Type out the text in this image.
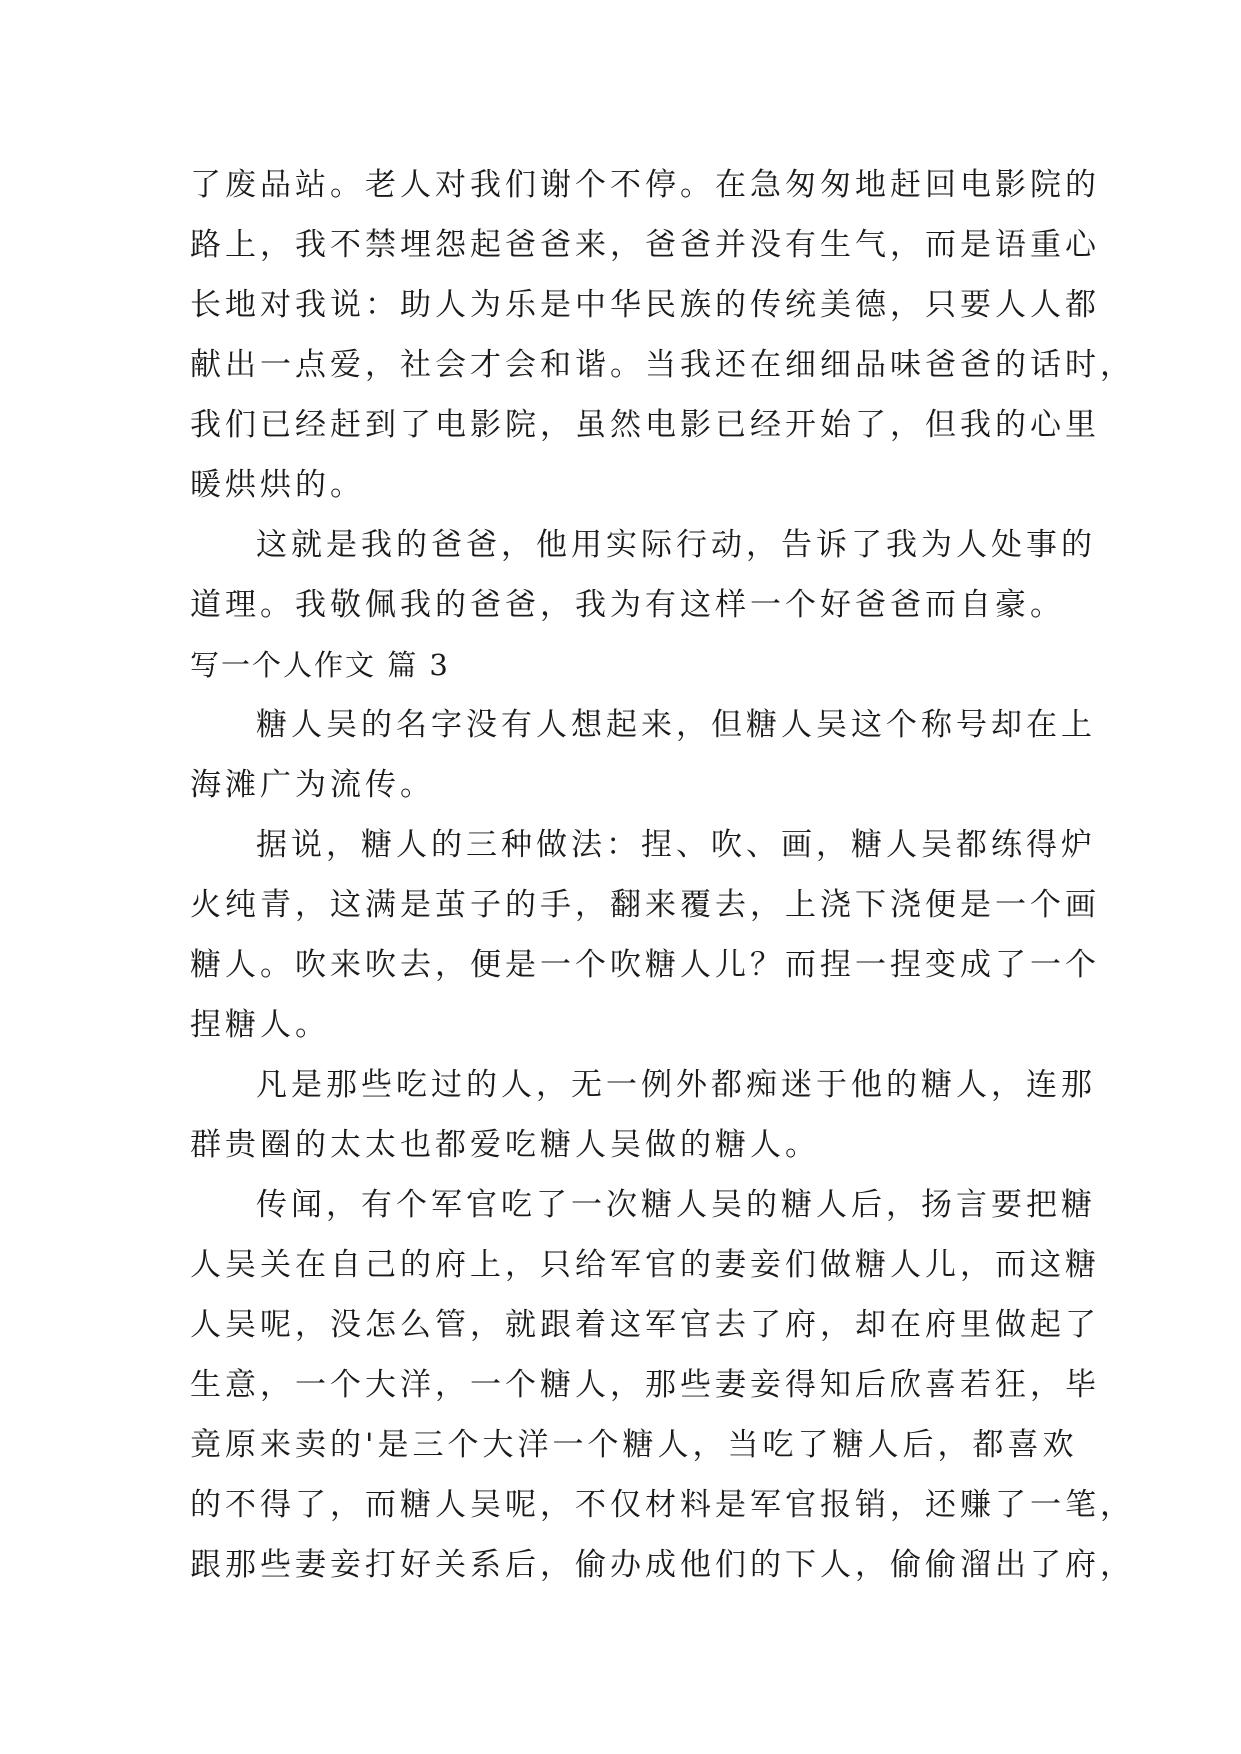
了废品站。老人对我们谢个不停。在急匆匆地赶回电影院的
路上，我不禁埋怨起爸爸来，爸爸并没有生气，而是语重心
长地对我说：助人为乐是中华民族的传统美德，只要人人都
献出一点爱，社会才会和谐。当我还在细细品味爸爸的话时，
我们已经赶到了电影院，虽然电影已经开始了，但我的心里
暖烘烘的。
这就是我的爸爸，他用实际行动，告诉了我为人处事的
道理。我敬佩我的爸爸，我为有这样一个好爸爸而自豪。
写一个人作文 篇 3
糖人吴的名字没有人想起来，但糖人吴这个称号却在上
海滩广为流传。
据说，糖人的三种做法：捏、吹、画，糖人吴都练得炉
火纯青，这满是茧子的手，翻来覆去，上浇下浇便是一个画
糖人。吹来吹去，便是一个吹糖人儿？而捏一捏变成了一个
捏糖人。
凡是那些吃过的人，无一例外都痴迷于他的糖人，连那
群贵圈的太太也都爱吃糖人吴做的糖人。
传闻，有个军官吃了一次糖人吴的糖人后，扬言要把糖
人吴关在自己的府上，只给军官的妻妾们做糖人儿，而这糖
人吴呢，没怎么管，就跟着这军官去了府，却在府里做起了
生意，一个大洋，一个糖人，那些妻妾得知后欣喜若狂，毕
竟原来卖的'是三个大洋一个糖人，当吃了糖人后，都喜欢
的不得了，而糖人吴呢，不仅材料是军官报销，还赚了一笔，
跟那些妻妾打好关系后，偷办成他们的下人，偷偷溜出了府，
